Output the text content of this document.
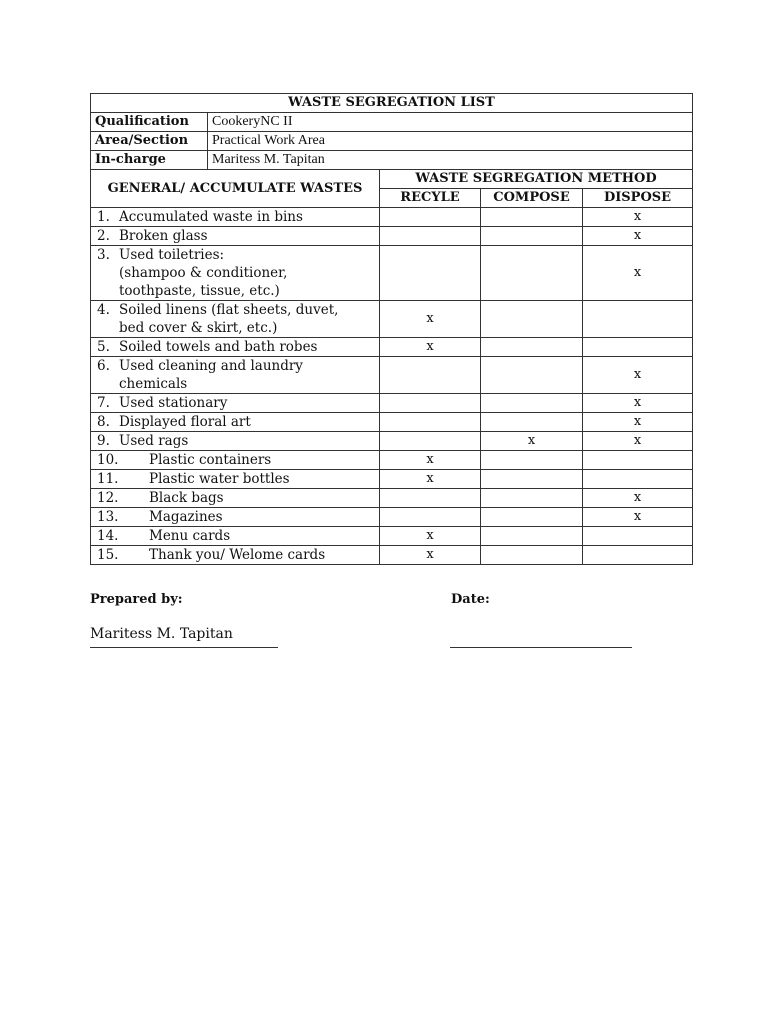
WASTE SEGREGATION LIST				
Qualification	CookeryNC II			
Area/Section	Practical Work Area			
In-charge	Maritess M. Tapitan			
GENERAL/ ACCUMULATE WASTES		WASTE SEGREGATION METHOD		
		RECYLE	COMPOSE	DISPOSE

1. Accumulated waste in bins				x

2. Broken glass				x

3. Used toiletries:
(shampoo & conditioner,
toothpaste, tissue, etc.)				x

4. Soiled linens (flat sheets, duvet,
bed cover & skirt, etc.)		x		

5. Soiled towels and bath robes		x		

6. Used cleaning and laundry
chemicals				x

7. Used stationary				x

8. Displayed floral art				x

9. Used rags			x	x

10. Plastic containers		x		

11. Plastic water bottles		x		

12. Black bags				x

13. Magazines				x

14. Menu cards		x		

15. Thank you/ Welome cards		x		
Prepared by:	Date:
Maritess M. Tapitan
